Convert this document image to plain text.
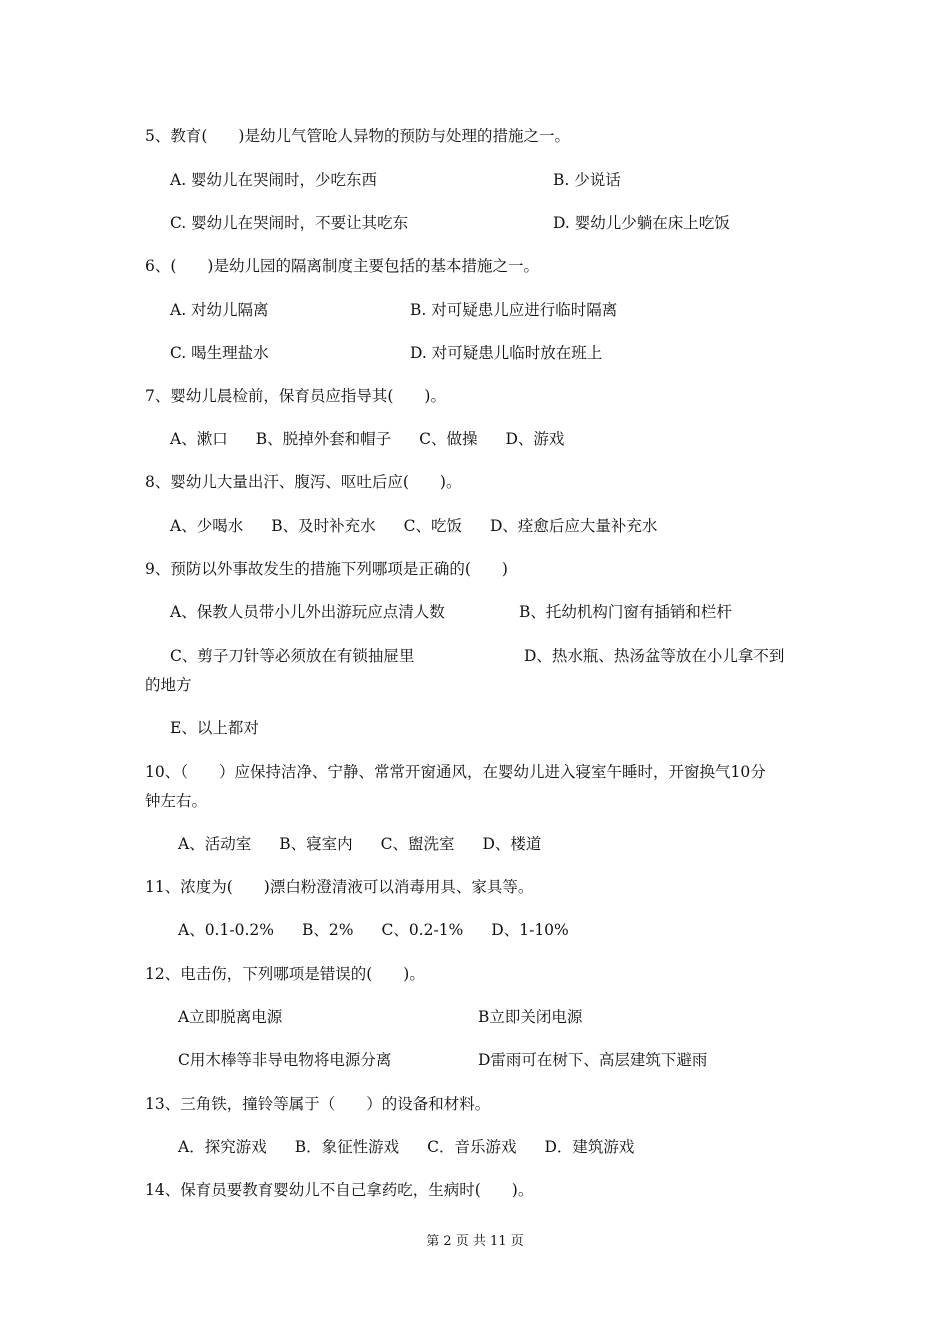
5、教育(　　)是幼儿气管呛人异物的预防与处理的措施之一。
A. 婴幼儿在哭闹时，少吃东西	B. 少说话
C. 婴幼儿在哭闹时，不要让其吃东	D. 婴幼儿少躺在床上吃饭
6、(　　)是幼儿园的隔离制度主要包括的基本措施之一。
A. 对幼儿隔离	B. 对可疑患儿应进行临时隔离
C. 喝生理盐水	D. 对可疑患儿临时放在班上
7、婴幼儿晨检前，保育员应指导其(　　)。
A、漱口 B、脱掉外套和帽子 C、做操 D、游戏
8、婴幼儿大量出汗、腹泻、呕吐后应(　　)。
A、少喝水 B、及时补充水 C、吃饭 D、痊愈后应大量补充水
9、预防以外事故发生的措施下列哪项是正确的(　　)
A、保教人员带小儿外出游玩应点清人数	B、托幼机构门窗有插销和栏杆
C、剪子刀针等必须放在有锁抽屉里	D、热水瓶、热汤盆等放在小儿拿不到
的地方
E、以上都对
10、（　　）应保持洁净、宁静、常常开窗通风，在婴幼儿进入寝室午睡时，开窗换气10分
钟左右。
A、活动室 B、寝室内 C、盥洗室 D、楼道
11、浓度为(　　)漂白粉澄清液可以消毒用具、家具等。
A、0.1-0.2% B、2% C、0.2-1% D、1-10%
12、电击伤，下列哪项是错误的(　　)。
A立即脱离电源	B立即关闭电源
C用木棒等非导电物将电源分离	D雷雨可在树下、高层建筑下避雨
13、三角铁，撞铃等属于（　　）的设备和材料。
A．探究游戏 B．象征性游戏 C．音乐游戏 D．建筑游戏
14、保育员要教育婴幼儿不自己拿药吃，生病时(　　)。
第 2 页 共 11 页
